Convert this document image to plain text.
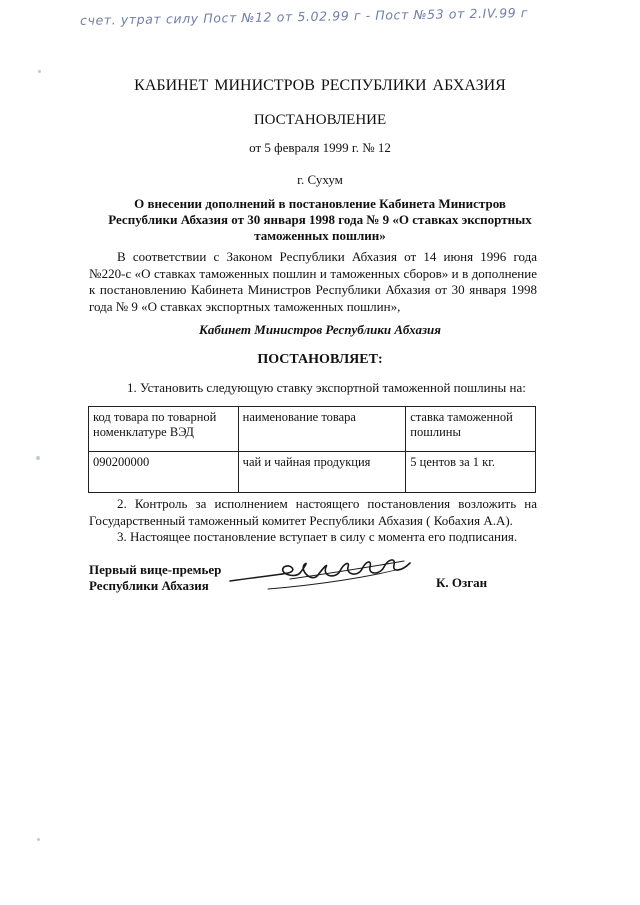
счет. утрат силу Пост №12 от 5.02.99 г - Пост №53 от 2.IV.99 г
КАБИНЕТ МИНИСТРОВ РЕСПУБЛИКИ АБХАЗИЯ
ПОСТАНОВЛЕНИЕ
от 5 февраля 1999 г. № 12
г. Сухум
О внесении дополнений в постановление Кабинета Министров
Республики Абхазия от 30 января 1998 года № 9 «О ставках экспортных
таможенных пошлин»
В соответствии с Законом Республики Абхазия от 14 июня 1996 года №220-с «О ставках таможенных пошлин и таможенных сборов» и в дополнение к постановлению Кабинета Министров Республики Абхазия от 30 января 1998 года № 9 «О ставках экспортных таможенных пошлин»,
Кабинет Министров Республики Абхазия
ПОСТАНОВЛЯЕТ:
1. Установить следующую ставку экспортной таможенной пошлины на:
код товара по товарной номенклатуре ВЭД	наименование товара	ставка таможенной пошлины
090200000	чай и чайная продукция	5 центов за 1 кг.
2. Контроль за исполнением настоящего постановления возложить на Государственный таможенный комитет Республики Абхазия ( Кобахия А.А).
3. Настоящее постановление вступает в силу с момента его подписания.
Первый вице-премьер
Республики Абхазия	К. Озган
